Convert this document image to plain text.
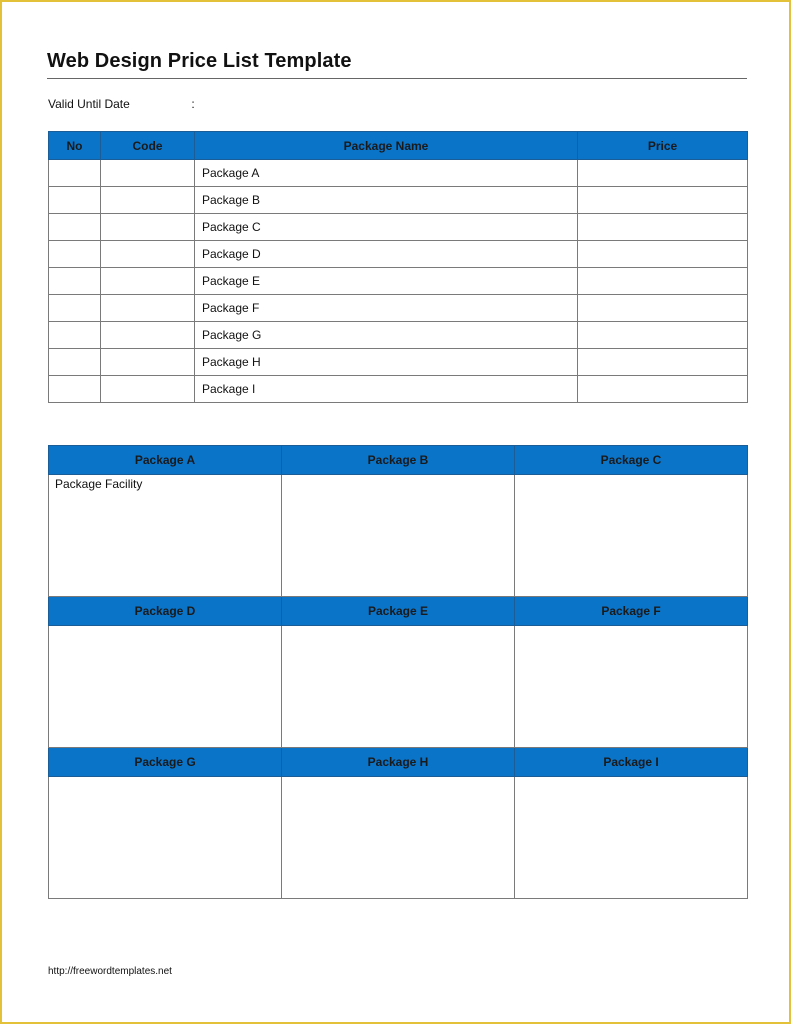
Web Design Price List Template
Valid Until Date	:
No	Code	Package Name	Price
		Package A	
		Package B	
		Package C	
		Package D	
		Package E	
		Package F	
		Package G	
		Package H	
		Package I	
Package A	Package B	Package C

Package Facility		

Package D	Package E	Package F

Package G	Package H	Package I

http://freewordtemplates.net
